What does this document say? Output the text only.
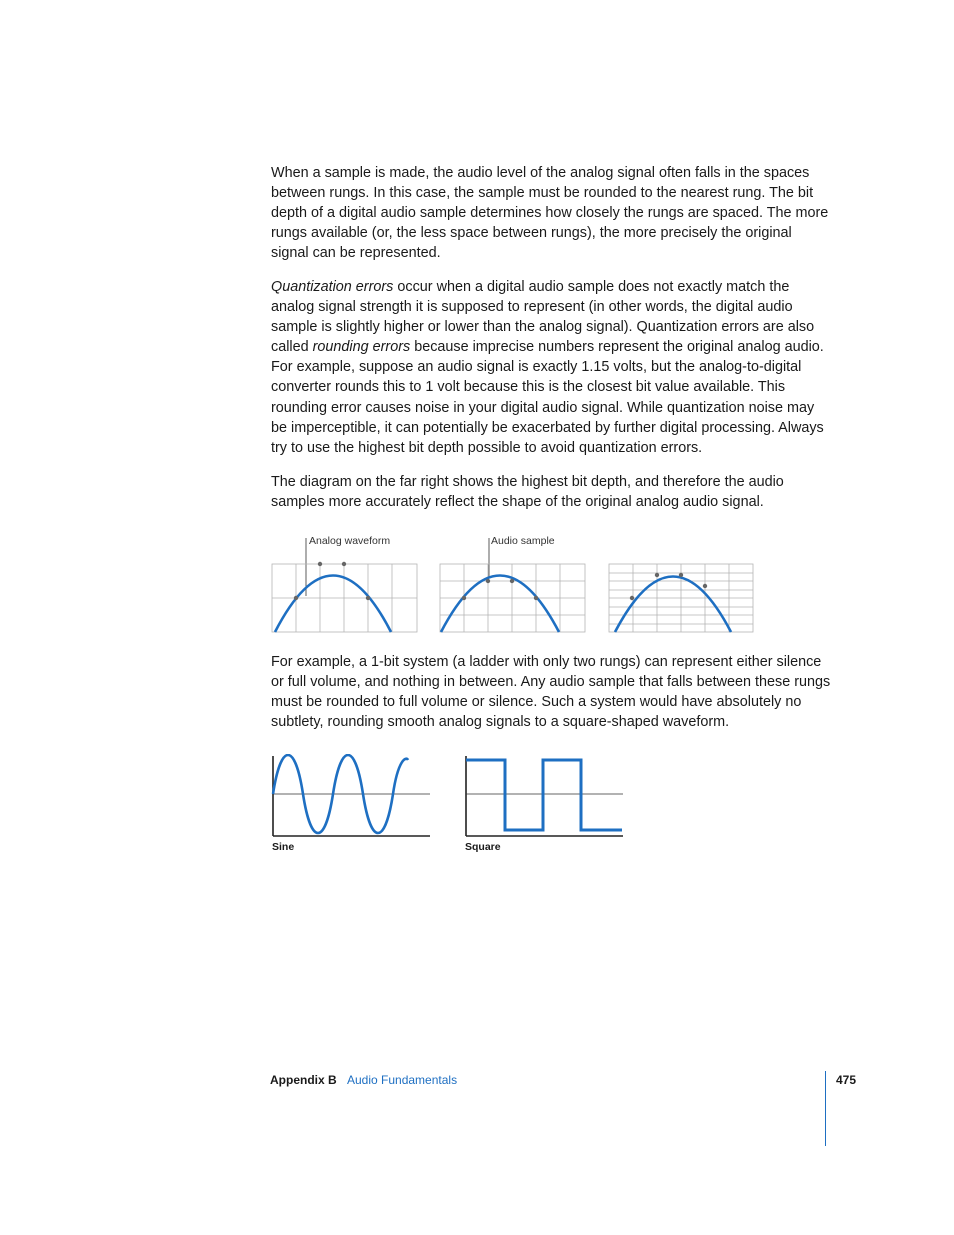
When a sample is made, the audio level of the analog signal often falls in the spaces between rungs. In this case, the sample must be rounded to the nearest rung. The bit depth of a digital audio sample determines how closely the rungs are spaced. The more rungs available (or, the less space between rungs), the more precisely the original signal can be represented.

Quantization errors occur when a digital audio sample does not exactly match the analog signal strength it is supposed to represent (in other words, the digital audio sample is slightly higher or lower than the analog signal). Quantization errors are also called rounding errors because imprecise numbers represent the original analog audio. For example, suppose an audio signal is exactly 1.15 volts, but the analog-to-digital converter rounds this to 1 volt because this is the closest bit value available. This rounding error causes noise in your digital audio signal. While quantization noise may be imperceptible, it can potentially be exacerbated by further digital processing. Always try to use the highest bit depth possible to avoid quantization errors.

The diagram on the far right shows the highest bit depth, and therefore the audio samples more accurately reflect the shape of the original analog audio signal.

Analog waveform	Audio sample

For example, a 1-bit system (a ladder with only two rungs) can represent either silence or full volume, and nothing in between. Any audio sample that falls between these rungs must be rounded to full volume or silence. Such a system would have absolutely no subtlety, rounding smooth analog signals to a square-shaped waveform.

Sine	Square
Appendix B Audio Fundamentals	475
